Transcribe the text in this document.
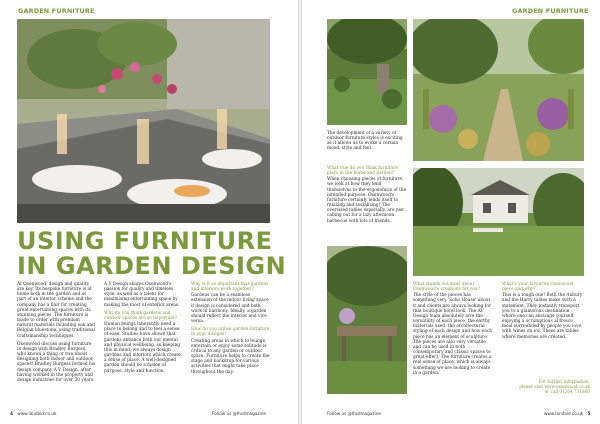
GARDEN FURNITURE
USING FURNITURE
IN GARDEN DESIGN

At Oxenwood, design and quality are key. Its bespoke furniture is at home both in the garden and as part of an interior scheme and the company has a flair for creating great entertaining spaces with its stunning pieces. The furniture is made to order with premium natural materials including oak and Belgian bluestone, using traditional craftsmanship techniques.

Oxenwood discuss using furniture in design with Bradley Burgess, who knows a thing or two about designing both indoor and outdoor spaces! Bradley Burgess formed his design company A V Design, after having worked in the property and design industries for over 30 years.

A V Design shares Oxenwood's passion for quality and timeless style, as well as a talent for maximising entertaining space by making the most of exterior areas.

Why do you think gardens and outdoor spaces are so important?

Human beings inherently need a place to belong and to feel a sense of ease. Studies have shown that gardens enhance both our mental and physical wellbeing, so keeping this in mind, we always design gardens and interiors which create a sense of place. A well-designed garden should be a fusion of purpose, style and function.

Why is it so important that gardens and interiors work together?

Gardens can be a seamless extension of the indoor living space if design is considered and both work in harmony. Ideally, a garden should reflect the interior and vice versa.

How do you utilise garden furniture in your designs?

Creating areas in which to lounge, entertain or enjoy some solitude is critical to any garden or outdoor space. Furniture helps to create the stage and backdrop for various activities that might take place throughout the day.

4 www.landaid.co.uk	Follow us @lhsdmagazine
GARDEN FURNITURE
The development of a variety of outdoor furniture styles is exciting as it allows us to evoke a certain mood, style and feel.
What role do you think furniture plays in the home and garden?

When choosing pieces of furniture, we look at how they lend themselves to the ergonomics of the intended purpose. Oxenwood's furniture certainly lends itself to relaxing and socialising! The oversized tables especially, are just calling out for a lazy afternoon barbecue with lots of friends.

What stands out most about Oxenwood's creations for you?

The style of the pieces has something very 'Soho House' about it and clients are always looking for that boutique hotel look. The AV Design team absolutely love the versatility of each piece, the earthy materials used, the architectural styling of each design and how each piece has an element of sculpture. The pieces are also very versatile and can be used in both contemporary and classic spaces to great effect. The furniture creates a real sense of place, which is always something we are looking to create in a garden.

What's your favourite Oxenwood piece and why?

This is a tough one! Both the Anbury and the Harry tables make such a statement. They instantly transport you to a glamorous destination where one can envisage yourself enjoying a scrumptious al fresco meal surrounded by people you love, with wines on ice. These are tables where memories are created.

For further information,
please visit www.oxenwood.co.uk
or call 01264 731800
Follow us @lhsdmagazine	www.landaid.co.uk 5
